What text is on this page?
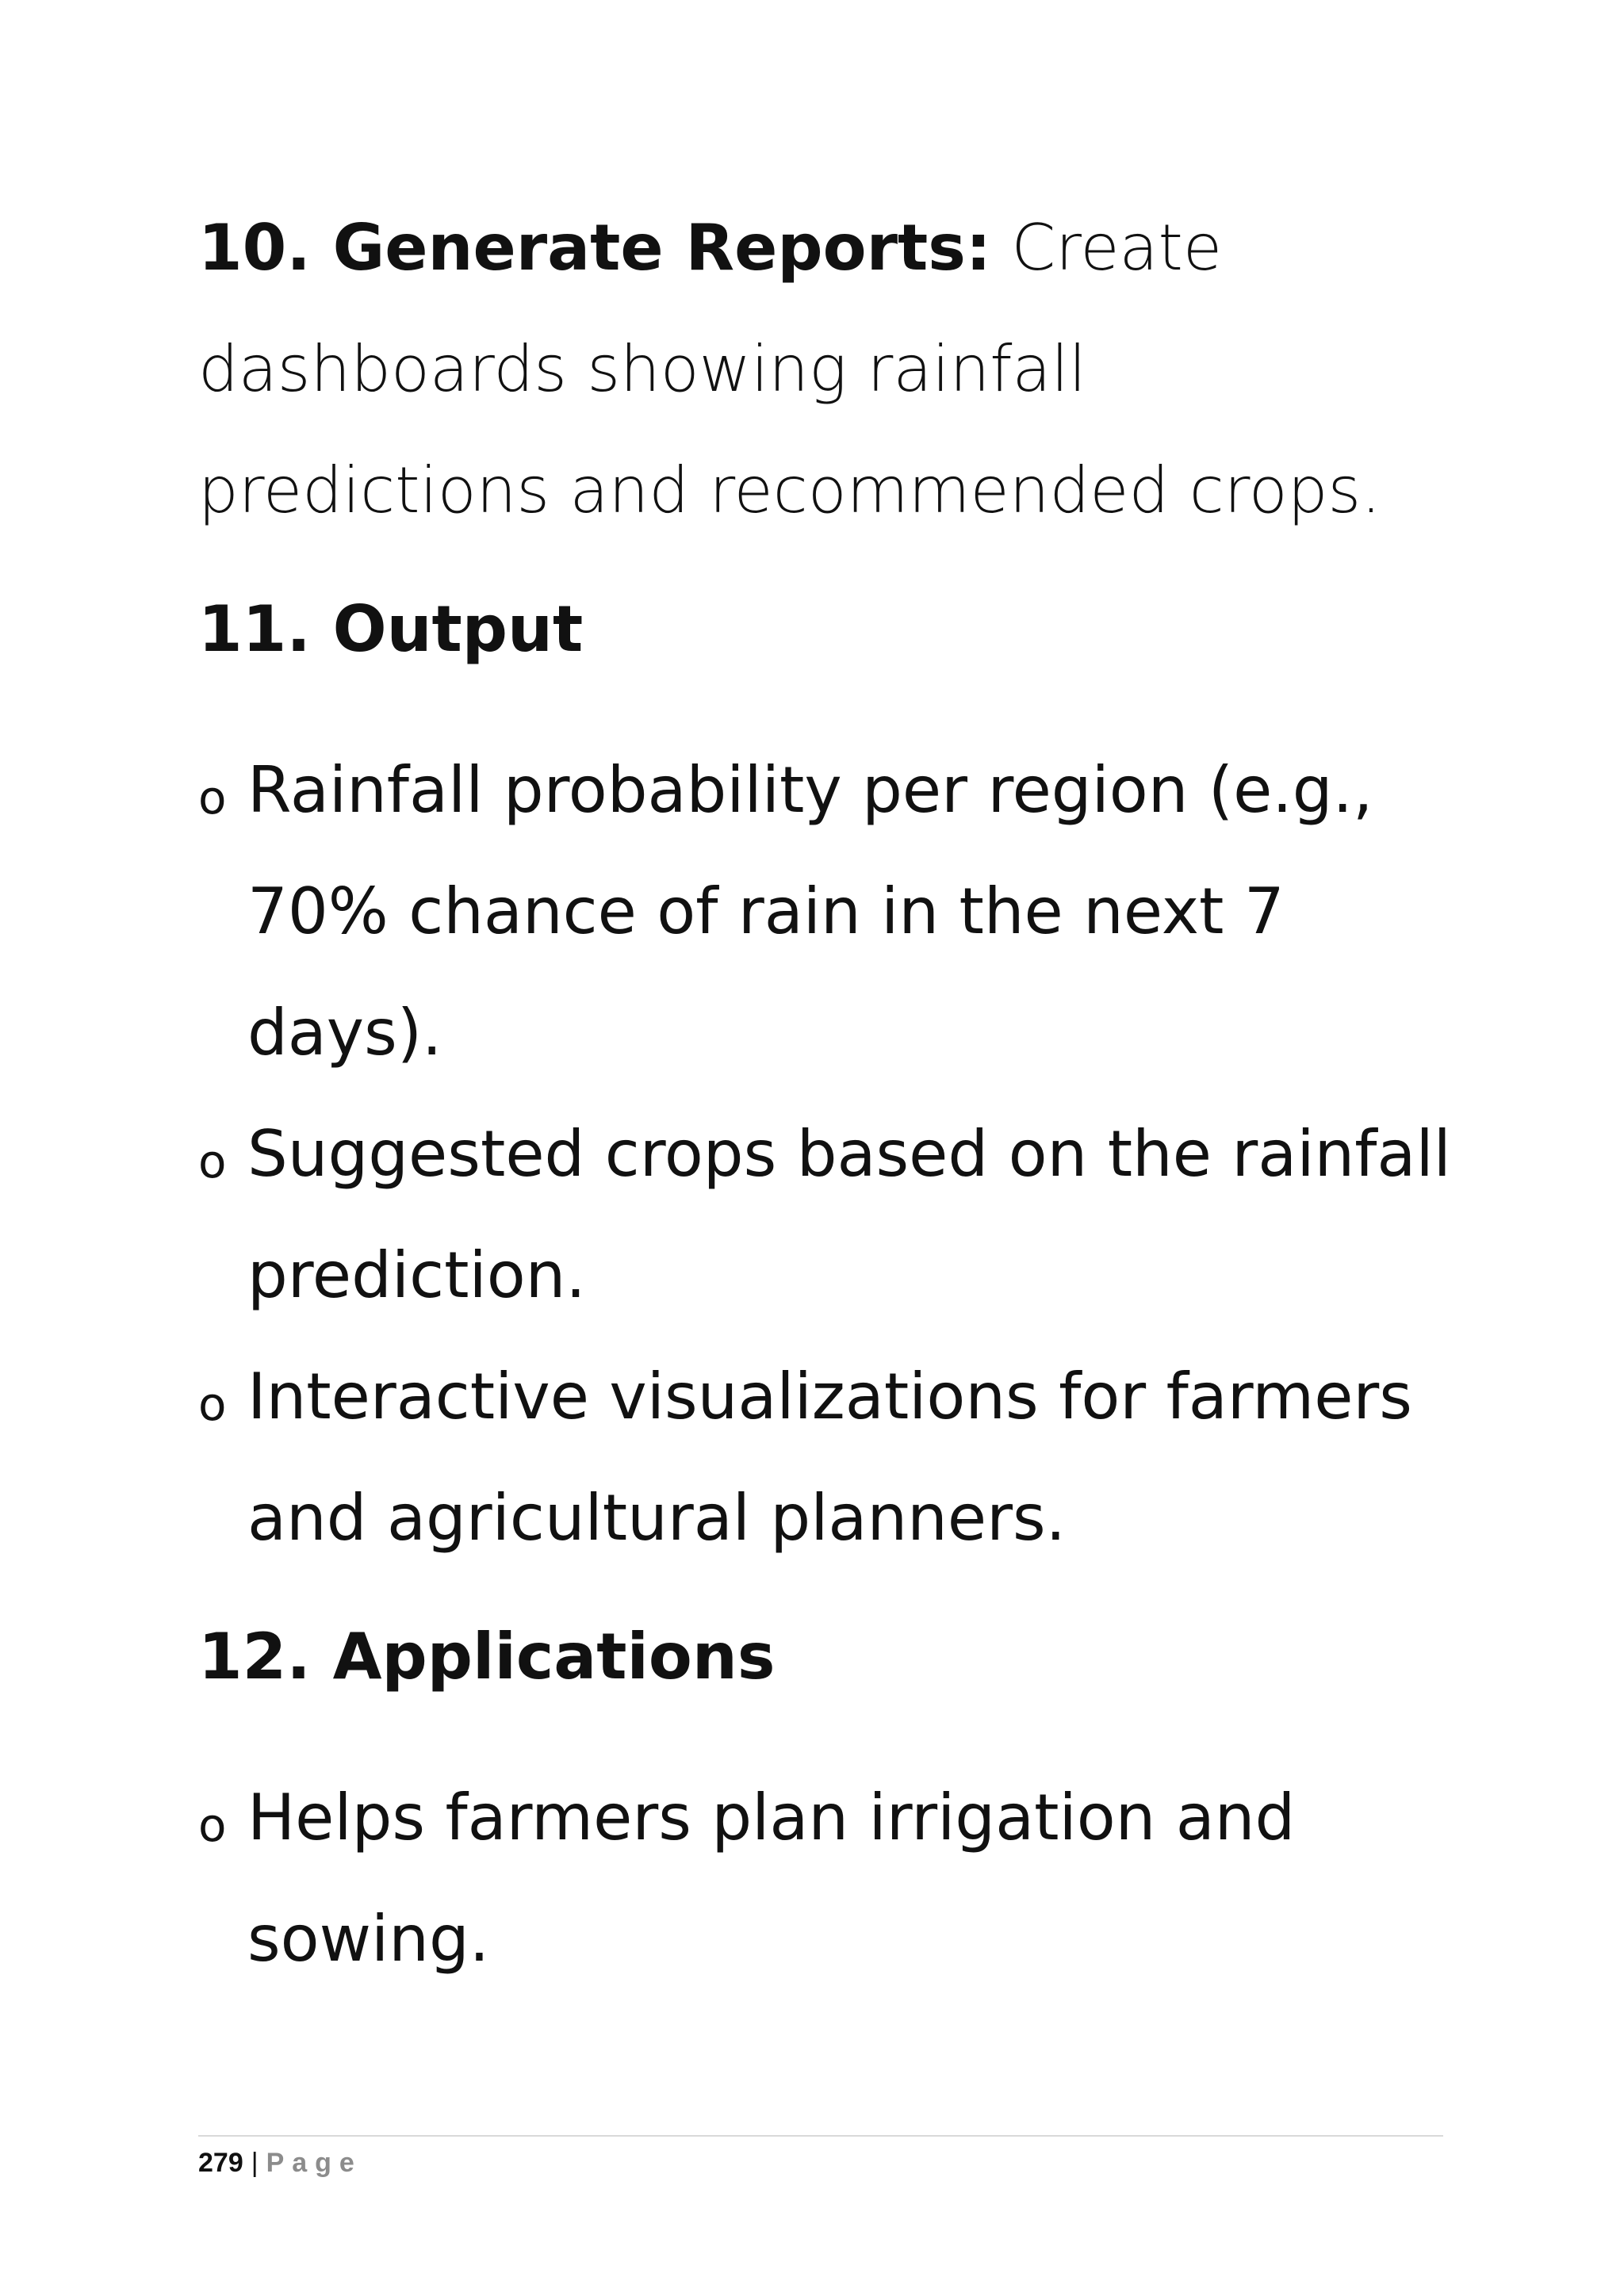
10. Generate Reports: Create dashboards showing rainfall predictions and recommended crops.

11. Output
o Rainfall probability per region (e.g., 70% chance of rain in the next 7 days).
o Suggested crops based on the rainfall prediction.
o Interactive visualizations for farmers and agricultural planners.
12. Applications
o Helps farmers plan irrigation and sowing.
279 | Page
